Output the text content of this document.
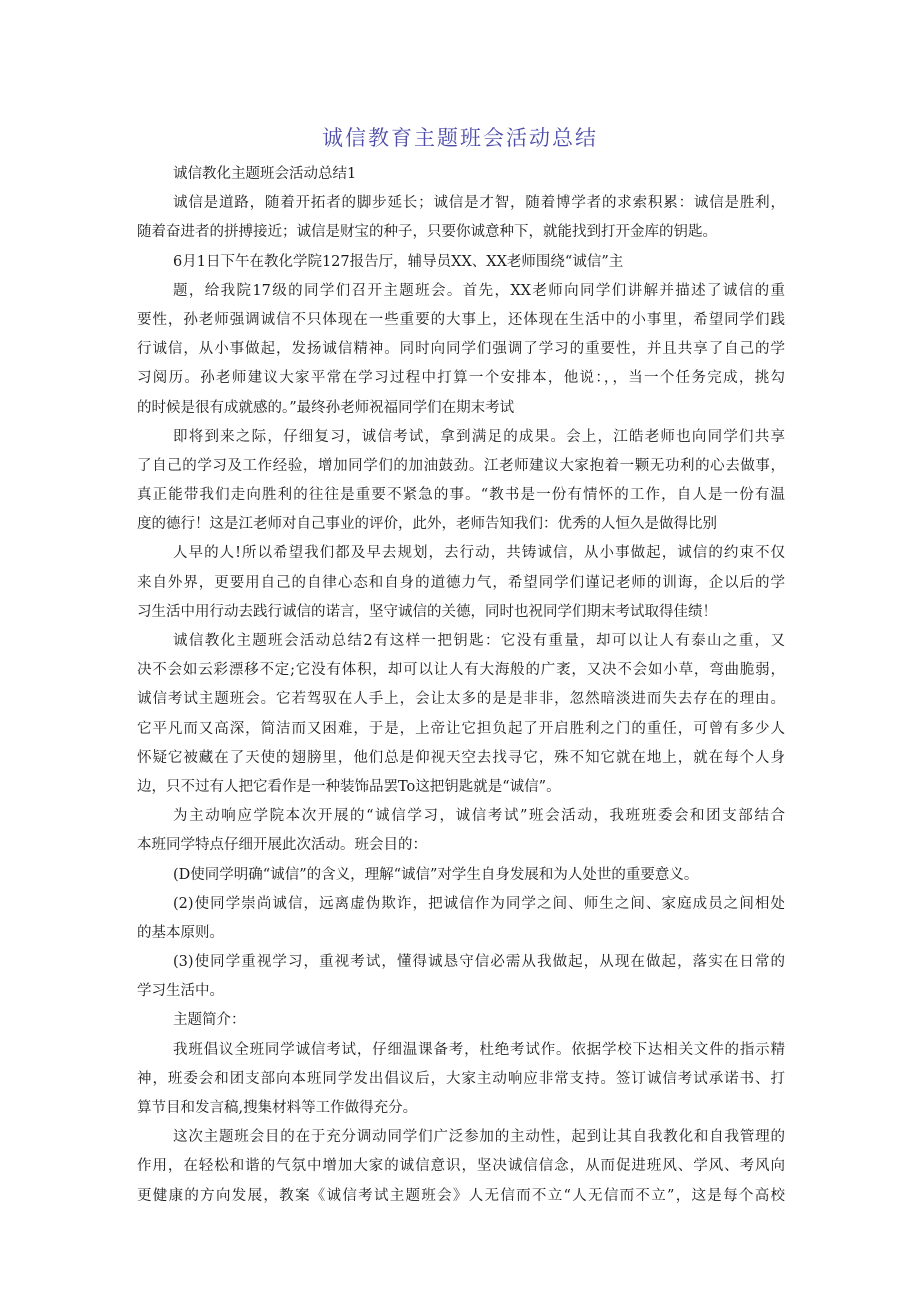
诚信教育主题班会活动总结
诚信教化主题班会活动总结1
诚信是道路，随着开拓者的脚步延长；诚信是才智，随着博学者的求索积累：诚信是胜利，
随着奋进者的拼搏接近；诚信是财宝的种子，只要你诚意种下，就能找到打开金库的钥匙。
6月1日下午在教化学院127报告厅，辅导员XX、XX老师围绕“诚信”主
题，给我院17级的同学们召开主题班会。首先，XX老师向同学们讲解并描述了诚信的重
要性，孙老师强调诚信不只体现在一些重要的大事上，还体现在生活中的小事里，希望同学们践
行诚信，从小事做起，发扬诚信精神。同时向同学们强调了学习的重要性，并且共享了自己的学
习阅历。孙老师建议大家平常在学习过程中打算一个安排本，他说：，，当一个任务完成，挑勾
的时候是很有成就感的。”最终孙老师祝福同学们在期末考试
即将到来之际，仔细复习，诚信考试，拿到满足的成果。会上，江皓老师也向同学们共享
了自己的学习及工作经验，增加同学们的加油鼓劲。江老师建议大家抱着一颗无功利的心去做事，
真正能带我们走向胜利的往往是重要不紧急的事。“教书是一份有情怀的工作，自人是一份有温
度的德行！这是江老师对自己事业的评价，此外，老师告知我们：优秀的人恒久是做得比别
人早的人!所以希望我们都及早去规划，去行动，共铸诚信，从小事做起，诚信的约束不仅
来自外界，更要用自己的自律心态和自身的道德力气，希望同学们谨记老师的训诲，企以后的学
习生活中用行动去践行诚信的诺言，坚守诚信的关德，同时也祝同学们期末考试取得佳绩！
诚信教化主题班会活动总结2有这样一把钥匙：它没有重量，却可以让人有泰山之重，又
决不会如云彩漂移不定;它没有体积，却可以让人有大海般的广袤，又决不会如小草，弯曲脆弱，
诚信考试主题班会。它若驾驭在人手上，会让太多的是是非非，忽然暗淡进而失去存在的理由。
它平凡而又高深，简洁而又困难，于是，上帝让它担负起了开启胜利之门的重任，可曾有多少人
怀疑它被藏在了天使的翅膀里，他们总是仰视天空去找寻它，殊不知它就在地上，就在每个人身
边，只不过有人把它看作是一种装饰品罢To这把钥匙就是“诚信”。
为主动响应学院本次开展的“诚信学习，诚信考试”班会活动，我班班委会和团支部结合
本班同学特点仔细开展此次活动。班会目的：
(D使同学明确“诚信”的含义，理解“诚信”对学生自身发展和为人处世的重要意义。
(2)使同学崇尚诚信，远离虚伪欺诈，把诚信作为同学之间、师生之间、家庭成员之间相处
的基本原则。
(3)使同学重视学习，重视考试，懂得诚恳守信必需从我做起，从现在做起，落实在日常的
学习生活中。
主题简介：
我班倡议全班同学诚信考试，仔细温课备考，杜绝考试作。依据学校下达相关文件的指示精
神，班委会和团支部向本班同学发出倡议后，大家主动响应非常支持。签订诚信考试承诺书、打
算节目和发言稿,搜集材料等工作做得充分。
这次主题班会目的在于充分调动同学们广泛参加的主动性，起到让其自我教化和自我管理的
作用，在轻松和谐的气氛中增加大家的诚信意识，坚决诚信信念，从而促进班风、学风、考风向
更健康的方向发展，教案《诚信考试主题班会》人无信而不立“人无信而不立”，这是每个高校
